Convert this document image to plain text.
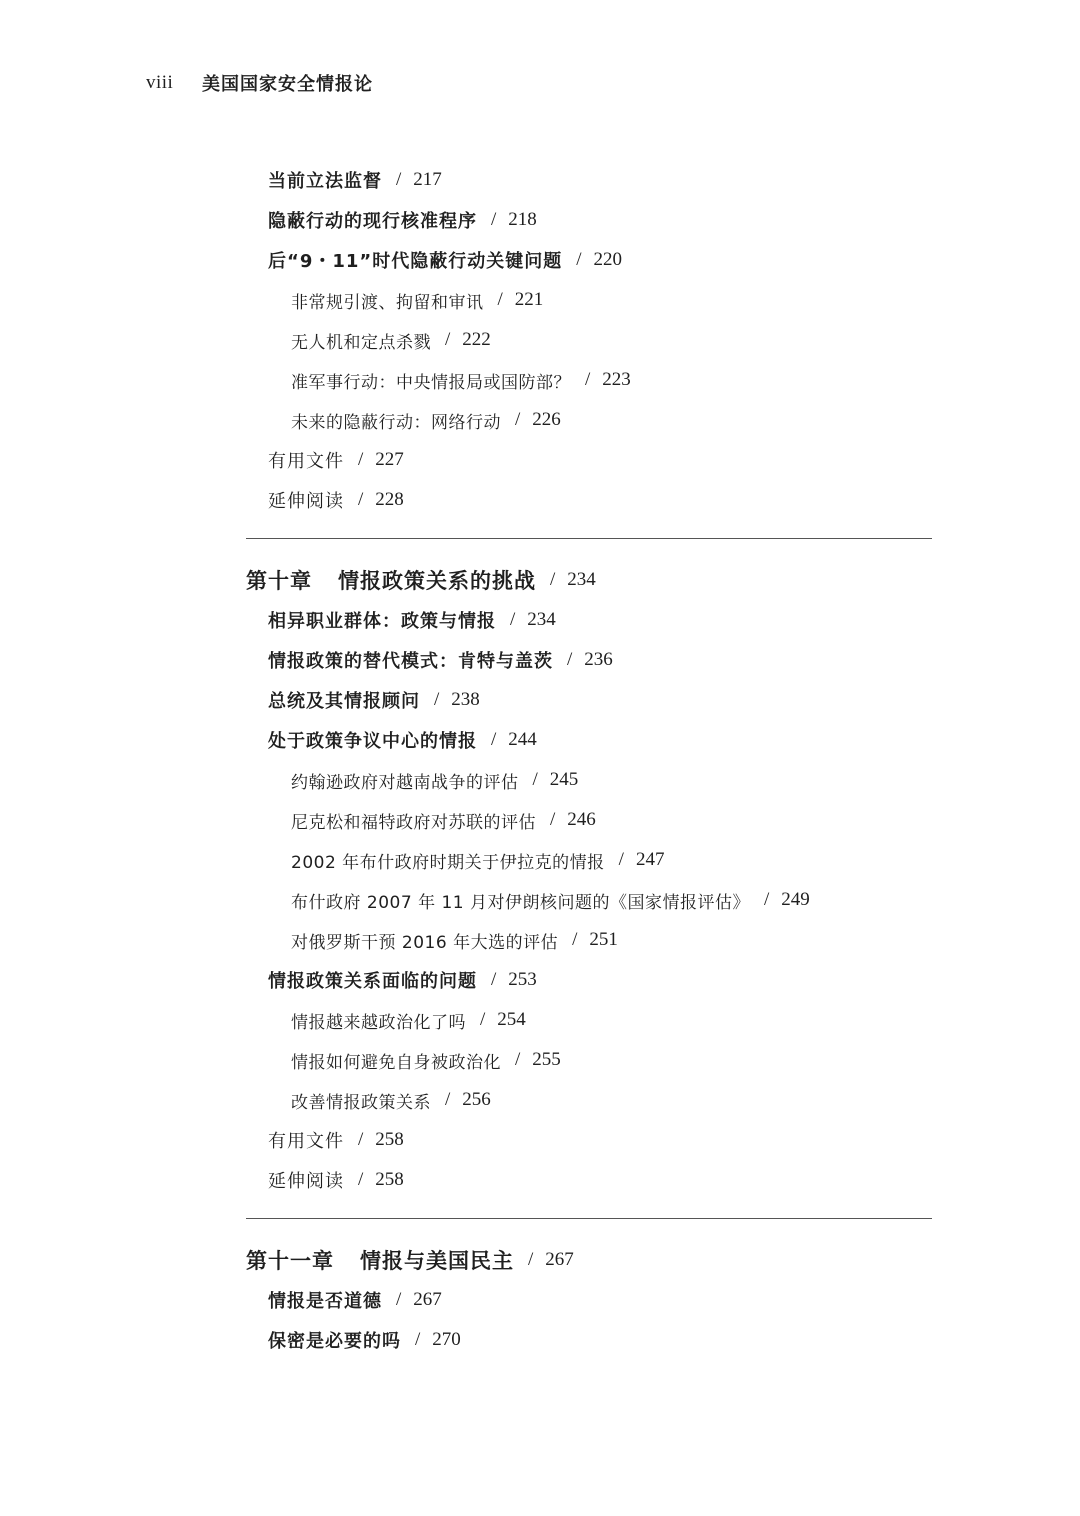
viii	美国国家安全情报论
当前立法监督 / 217
隐蔽行动的现行核准程序 / 218
后“9・11”时代隐蔽行动关键问题 / 220
非常规引渡、拘留和审讯 / 221
无人机和定点杀戮 / 222
准军事行动：中央情报局或国防部？ / 223
未来的隐蔽行动：网络行动 / 226
有用文件 / 227
延伸阅读 / 228
第十章 情报政策关系的挑战 / 234
相异职业群体：政策与情报 / 234
情报政策的替代模式：肯特与盖茨 / 236
总统及其情报顾问 / 238
处于政策争议中心的情报 / 244
约翰逊政府对越南战争的评估 / 245
尼克松和福特政府对苏联的评估 / 246
2002 年布什政府时期关于伊拉克的情报 / 247
布什政府 2007 年 11 月对伊朗核问题的《国家情报评估》 / 249
对俄罗斯干预 2016 年大选的评估 / 251
情报政策关系面临的问题 / 253
情报越来越政治化了吗 / 254
情报如何避免自身被政治化 / 255
改善情报政策关系 / 256
有用文件 / 258
延伸阅读 / 258
第十一章 情报与美国民主 / 267
情报是否道德 / 267
保密是必要的吗 / 270
